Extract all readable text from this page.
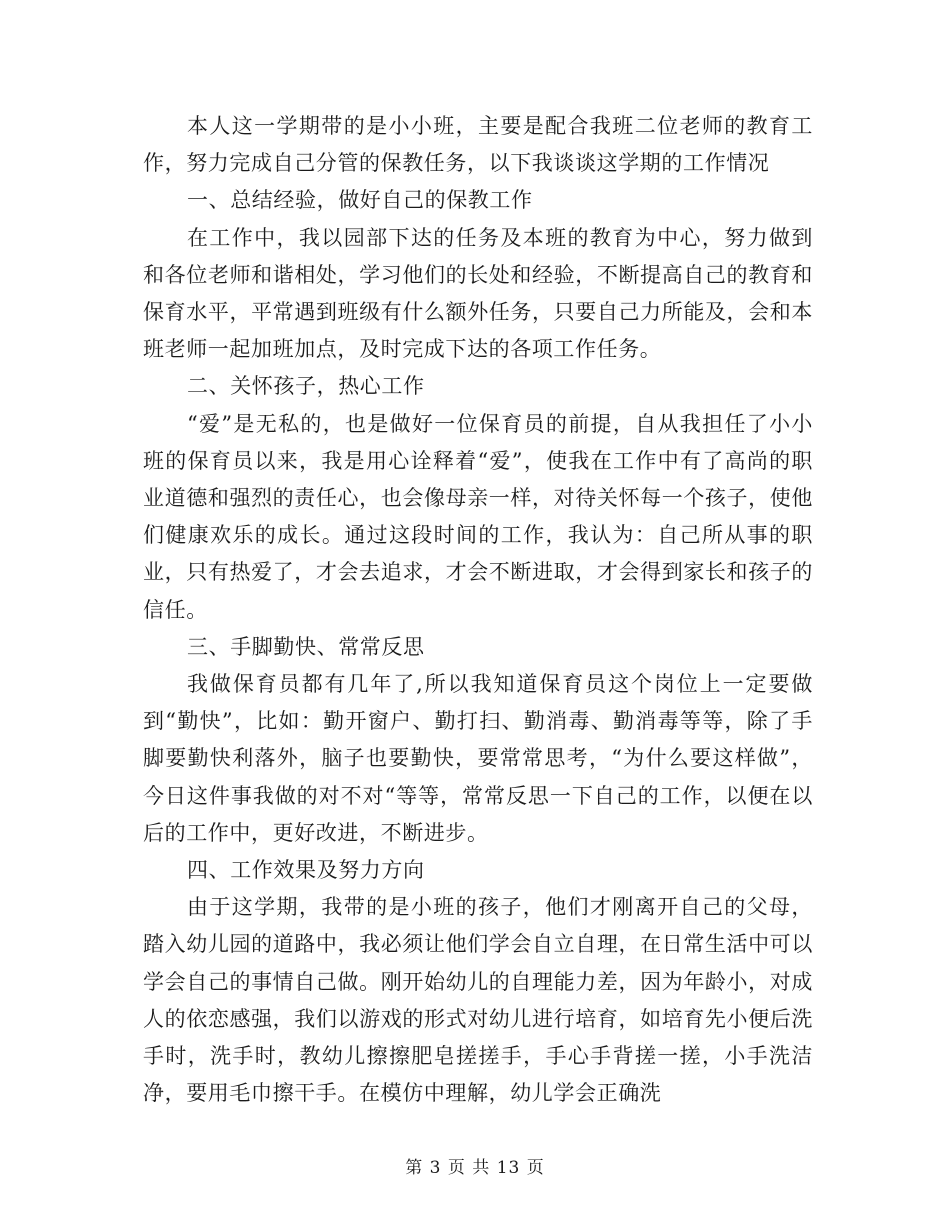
本人这一学期带的是小小班，主要是配合我班二位老师的教育工作，努力完成自己分管的保教任务，以下我谈谈这学期的工作情况

一、总结经验，做好自己的保教工作

在工作中，我以园部下达的任务及本班的教育为中心，努力做到和各位老师和谐相处，学习他们的长处和经验，不断提高自己的教育和保育水平，平常遇到班级有什么额外任务，只要自己力所能及，会和本班老师一起加班加点，及时完成下达的各项工作任务。

二、关怀孩子，热心工作

“爱”是无私的，也是做好一位保育员的前提，自从我担任了小小班的保育员以来，我是用心诠释着“爱”，使我在工作中有了高尚的职业道德和强烈的责任心，也会像母亲一样，对待关怀每一个孩子，使他们健康欢乐的成长。通过这段时间的工作，我认为：自己所从事的职业，只有热爱了，才会去追求，才会不断进取，才会得到家长和孩子的信任。

三、手脚勤快、常常反思

我做保育员都有几年了,所以我知道保育员这个岗位上一定要做到“勤快”，比如：勤开窗户、勤打扫、勤消毒、勤消毒等等，除了手脚要勤快利落外，脑子也要勤快，要常常思考，“为什么要这样做”，今日这件事我做的对不对“等等，常常反思一下自己的工作，以便在以后的工作中，更好改进，不断进步。

四、工作效果及努力方向

由于这学期，我带的是小班的孩子，他们才刚离开自己的父母，踏入幼儿园的道路中，我必须让他们学会自立自理，在日常生活中可以学会自己的事情自己做。刚开始幼儿的自理能力差，因为年龄小，对成人的依恋感强，我们以游戏的形式对幼儿进行培育，如培育先小便后洗手时，洗手时，教幼儿擦擦肥皂搓搓手，手心手背搓一搓，小手洗洁净，要用毛巾擦干手。在模仿中理解，幼儿学会正确洗

第 3 页 共 13 页
